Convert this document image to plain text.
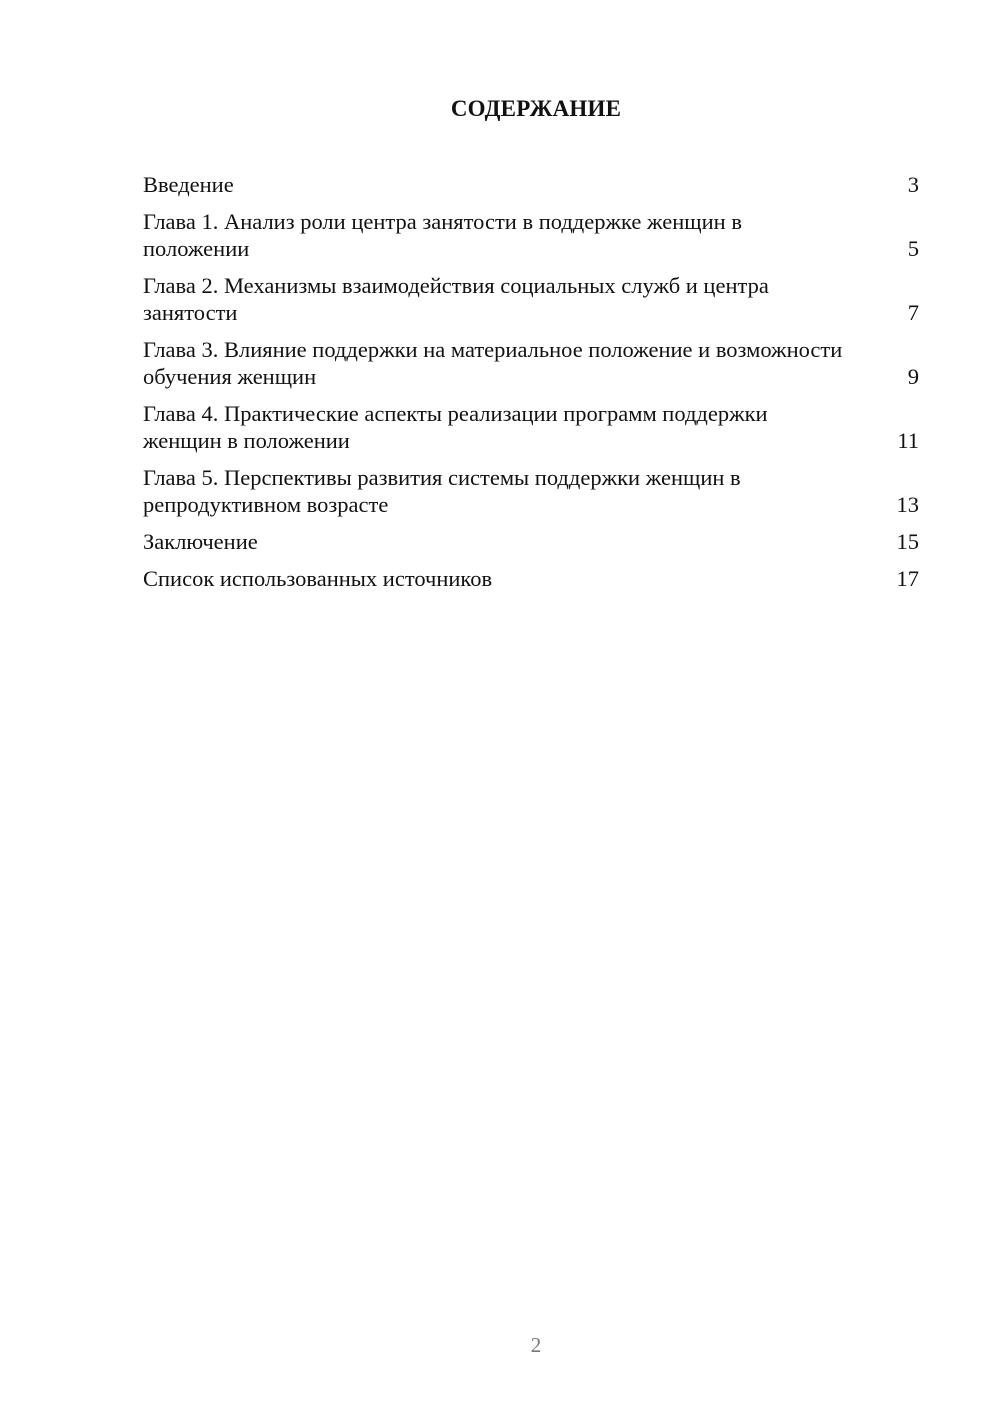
СОДЕРЖАНИЕ
Введение	3
Глава 1. Анализ роли центра занятости в поддержке женщин в положении	5
Глава 2. Механизмы взаимодействия социальных служб и центра занятости	7
Глава 3. Влияние поддержки на материальное положение и возможности обучения женщин	9
Глава 4. Практические аспекты реализации программ поддержки женщин в положении	11
Глава 5. Перспективы развития системы поддержки женщин в репродуктивном возрасте	13
Заключение	15
Список использованных источников	17
2
